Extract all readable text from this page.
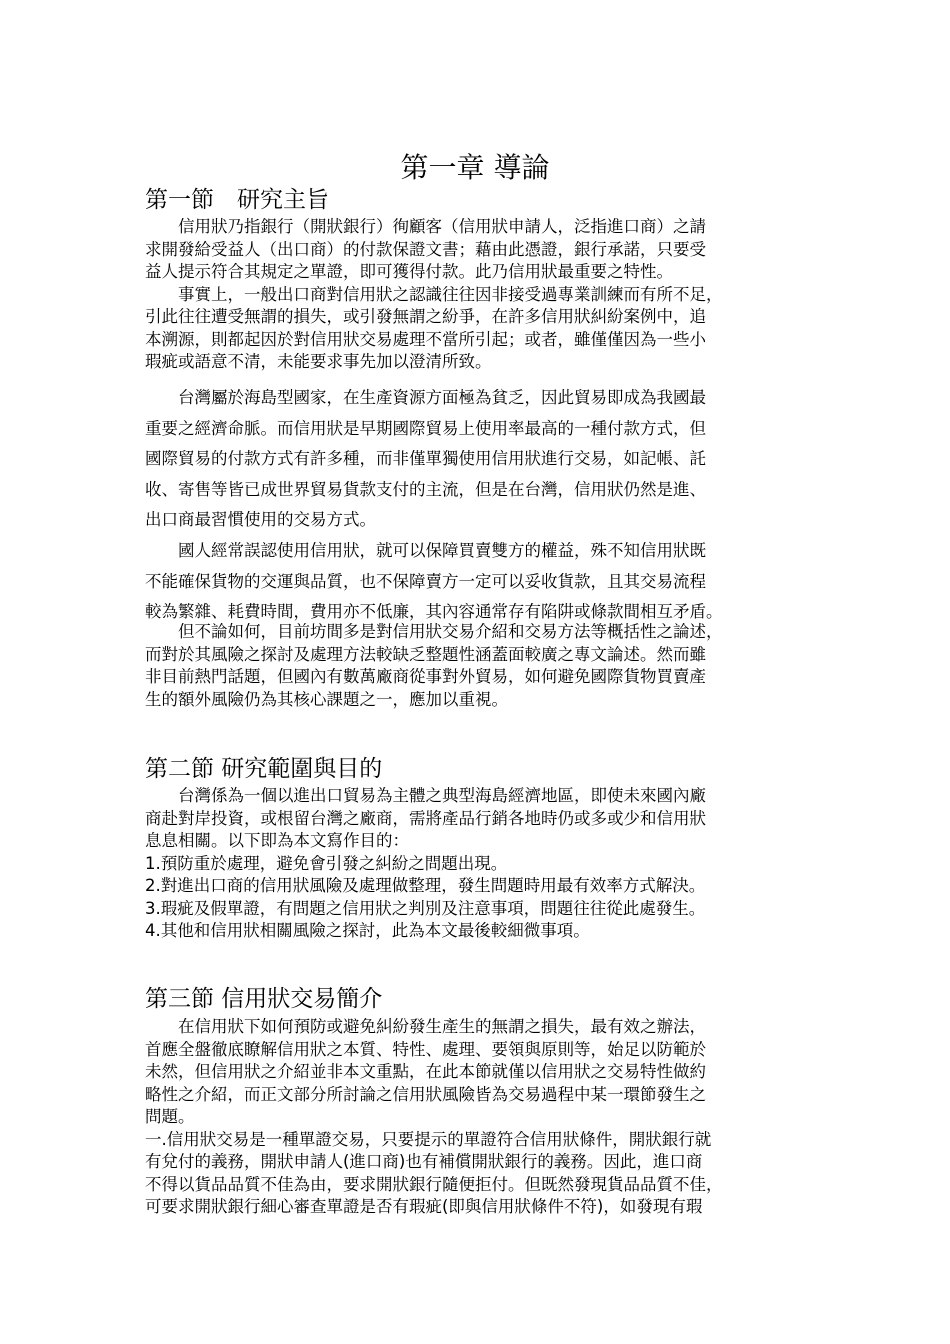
第一章 導論
第一節　研究主旨
　　信用狀乃指銀行（開狀銀行）徇顧客（信用狀申請人，泛指進口商）之請
求開發給受益人（出口商）的付款保證文書；藉由此憑證，銀行承諾，只要受
益人提示符合其規定之單證，即可獲得付款。此乃信用狀最重要之特性。
　　事實上，一般出口商對信用狀之認識往往因非接受過專業訓練而有所不足，
引此往往遭受無謂的損失，或引發無謂之紛爭，在許多信用狀糾紛案例中，追
本溯源，則都起因於對信用狀交易處理不當所引起；或者，雖僅僅因為一些小
瑕疵或語意不清，未能要求事先加以澄清所致。
　　台灣屬於海島型國家，在生產資源方面極為貧乏，因此貿易即成為我國最
重要之經濟命脈。而信用狀是早期國際貿易上使用率最高的一種付款方式，但
國際貿易的付款方式有許多種，而非僅單獨使用信用狀進行交易，如記帳、託
收、寄售等皆已成世界貿易貨款支付的主流，但是在台灣，信用狀仍然是進、
出口商最習慣使用的交易方式。
　　國人經常誤認使用信用狀，就可以保障買賣雙方的權益，殊不知信用狀既
不能確保貨物的交運與品質，也不保障賣方一定可以妥收貨款，且其交易流程
較為繁雜、耗費時間，費用亦不低廉，其內容通常存有陷阱或條款間相互矛盾。
　　但不論如何，目前坊間多是對信用狀交易介紹和交易方法等概括性之論述，
而對於其風險之探討及處理方法較缺乏整題性涵蓋面較廣之專文論述。然而雖
非目前熱門話題，但國內有數萬廠商從事對外貿易，如何避免國際貨物買賣產
生的額外風險仍為其核心課題之一，應加以重視。
第二節 研究範圍與目的
　　台灣係為一個以進出口貿易為主體之典型海島經濟地區，即使未來國內廠
商赴對岸投資，或根留台灣之廠商，需將產品行銷各地時仍或多或少和信用狀
息息相關。以下即為本文寫作目的：
1.預防重於處理，避免會引發之糾紛之問題出現。
2.對進出口商的信用狀風險及處理做整理，發生問題時用最有效率方式解決。
3.瑕疵及假單證，有問題之信用狀之判別及注意事項，問題往往從此處發生。
4.其他和信用狀相關風險之探討，此為本文最後較細微事項。
第三節 信用狀交易簡介
　　在信用狀下如何預防或避免糾紛發生產生的無謂之損失，最有效之辦法，
首應全盤徹底瞭解信用狀之本質、特性、處理、要領與原則等，始足以防範於
未然，但信用狀之介紹並非本文重點，在此本節就僅以信用狀之交易特性做約
略性之介紹，而正文部分所討論之信用狀風險皆為交易過程中某一環節發生之
問題。
一.信用狀交易是一種單證交易，只要提示的單證符合信用狀條件，開狀銀行就
有兌付的義務，開狀申請人(進口商)也有補償開狀銀行的義務。因此，進口商
不得以貨品品質不佳為由，要求開狀銀行隨便拒付。但既然發現貨品品質不佳，
可要求開狀銀行細心審查單證是否有瑕疵(即與信用狀條件不符)，如發現有瑕
